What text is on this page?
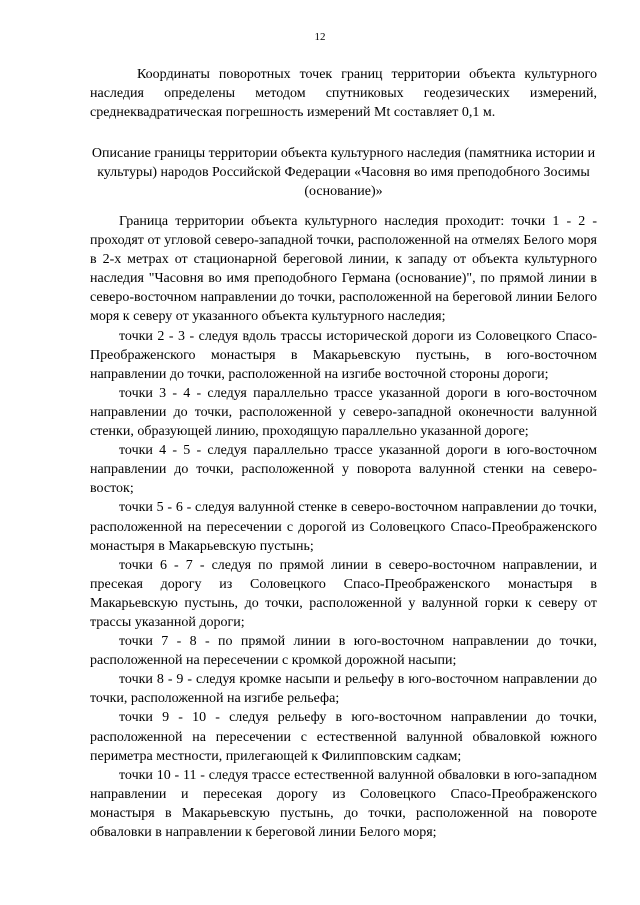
12

Координаты поворотных точек границ территории объекта культурного наследия определены методом спутниковых геодезических измерений, среднеквадратическая погрешность измерений Mt составляет 0,1 м.

Описание границы территории объекта культурного наследия (памятника истории и культуры) народов Российской Федерации «Часовня во имя преподобного Зосимы (основание)»

Граница территории объекта культурного наследия проходит: точки 1 - 2 - проходят от угловой северо-западной точки, расположенной на отмелях Белого моря в 2-х метрах от стационарной береговой линии, к западу от объекта культурного наследия "Часовня во имя преподобного Германа (основание)", по прямой линии в северо-восточном направлении до точки, расположенной на береговой линии Белого моря к северу от указанного объекта культурного наследия;

точки 2 - 3 - следуя вдоль трассы исторической дороги из Соловецкого Спасо-Преображенского монастыря в Макарьевскую пустынь, в юго-восточном направлении до точки, расположенной на изгибе восточной стороны дороги;

точки 3 - 4 - следуя параллельно трассе указанной дороги в юго-восточном направлении до точки, расположенной у северо-западной оконечности валунной стенки, образующей линию, проходящую параллельно указанной дороге;

точки 4 - 5 - следуя параллельно трассе указанной дороги в юго-восточном направлении до точки, расположенной у поворота валунной стенки на северо-восток;

точки 5 - 6 - следуя валунной стенке в северо-восточном направлении до точки, расположенной на пересечении с дорогой из Соловецкого Спасо-Преображенского монастыря в Макарьевскую пустынь;

точки 6 - 7 - следуя по прямой линии в северо-восточном направлении, и пресекая дорогу из Соловецкого Спасо-Преображенского монастыря в Макарьевскую пустынь, до точки, расположенной у валунной горки к северу от трассы указанной дороги;

точки 7 - 8 - по прямой линии в юго-восточном направлении до точки, расположенной на пересечении с кромкой дорожной насыпи;

точки 8 - 9 - следуя кромке насыпи и рельефу в юго-восточном направлении до точки, расположенной на изгибе рельефа;

точки 9 - 10 - следуя рельефу в юго-восточном направлении до точки, расположенной на пересечении с естественной валунной обваловкой южного периметра местности, прилегающей к Филипповским садкам;

точки 10 - 11 - следуя трассе естественной валунной обваловки в юго-западном направлении и пересекая дорогу из Соловецкого Спасо-Преображенского монастыря в Макарьевскую пустынь, до точки, расположенной на повороте обваловки в направлении к береговой линии Белого моря;
